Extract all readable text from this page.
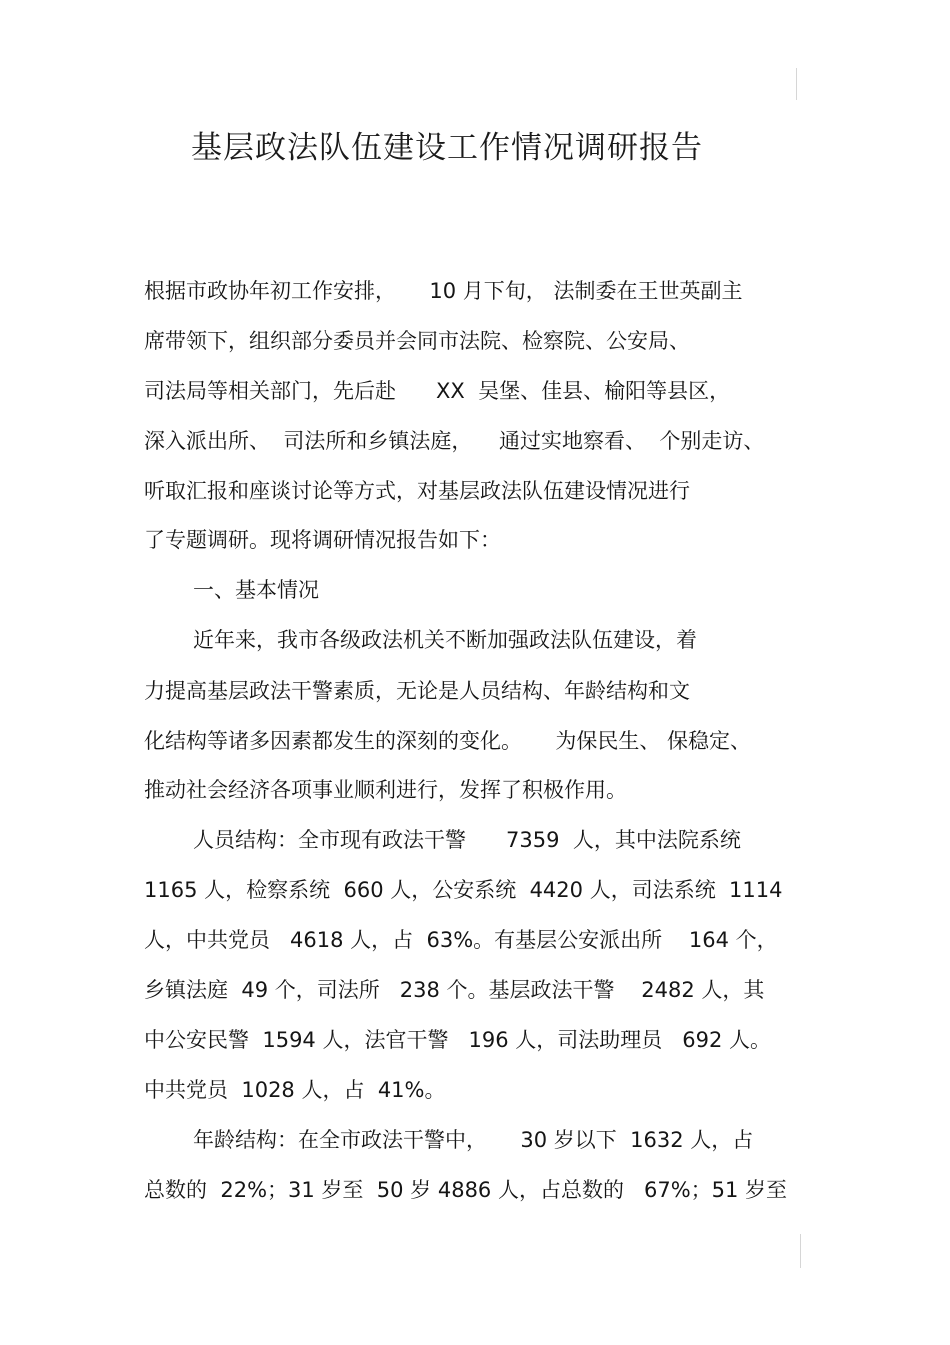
基层政法队伍建设工作情况调研报告
根据市政协年初工作安排，     10 月下旬， 法制委在王世英副主
席带领下，组织部分委员并会同市法院、检察院、公安局、
司法局等相关部门，先后赴      XX  吴堡、佳县、榆阳等县区，
深入派出所、  司法所和乡镇法庭，    通过实地察看、  个别走访、
听取汇报和座谈讨论等方式，对基层政法队伍建设情况进行
了专题调研。现将调研情况报告如下：
一、基本情况
近年来，我市各级政法机关不断加强政法队伍建设，着
力提高基层政法干警素质，无论是人员结构、年龄结构和文
化结构等诸多因素都发生的深刻的变化。     为保民生、 保稳定、
推动社会经济各项事业顺利进行，发挥了积极作用。
人员结构：全市现有政法干警      7359  人，其中法院系统
1165 人，检察系统  660 人，公安系统  4420 人，司法系统  1114
人，中共党员   4618 人，占  63%。有基层公安派出所    164 个，
乡镇法庭  49 个，司法所   238 个。基层政法干警    2482 人，其
中公安民警  1594 人，法官干警   196 人，司法助理员   692 人。
中共党员  1028 人，占  41%。
年龄结构：在全市政法干警中，     30 岁以下  1632 人，占
总数的  22%；31 岁至  50 岁 4886 人，占总数的   67%；51 岁至
